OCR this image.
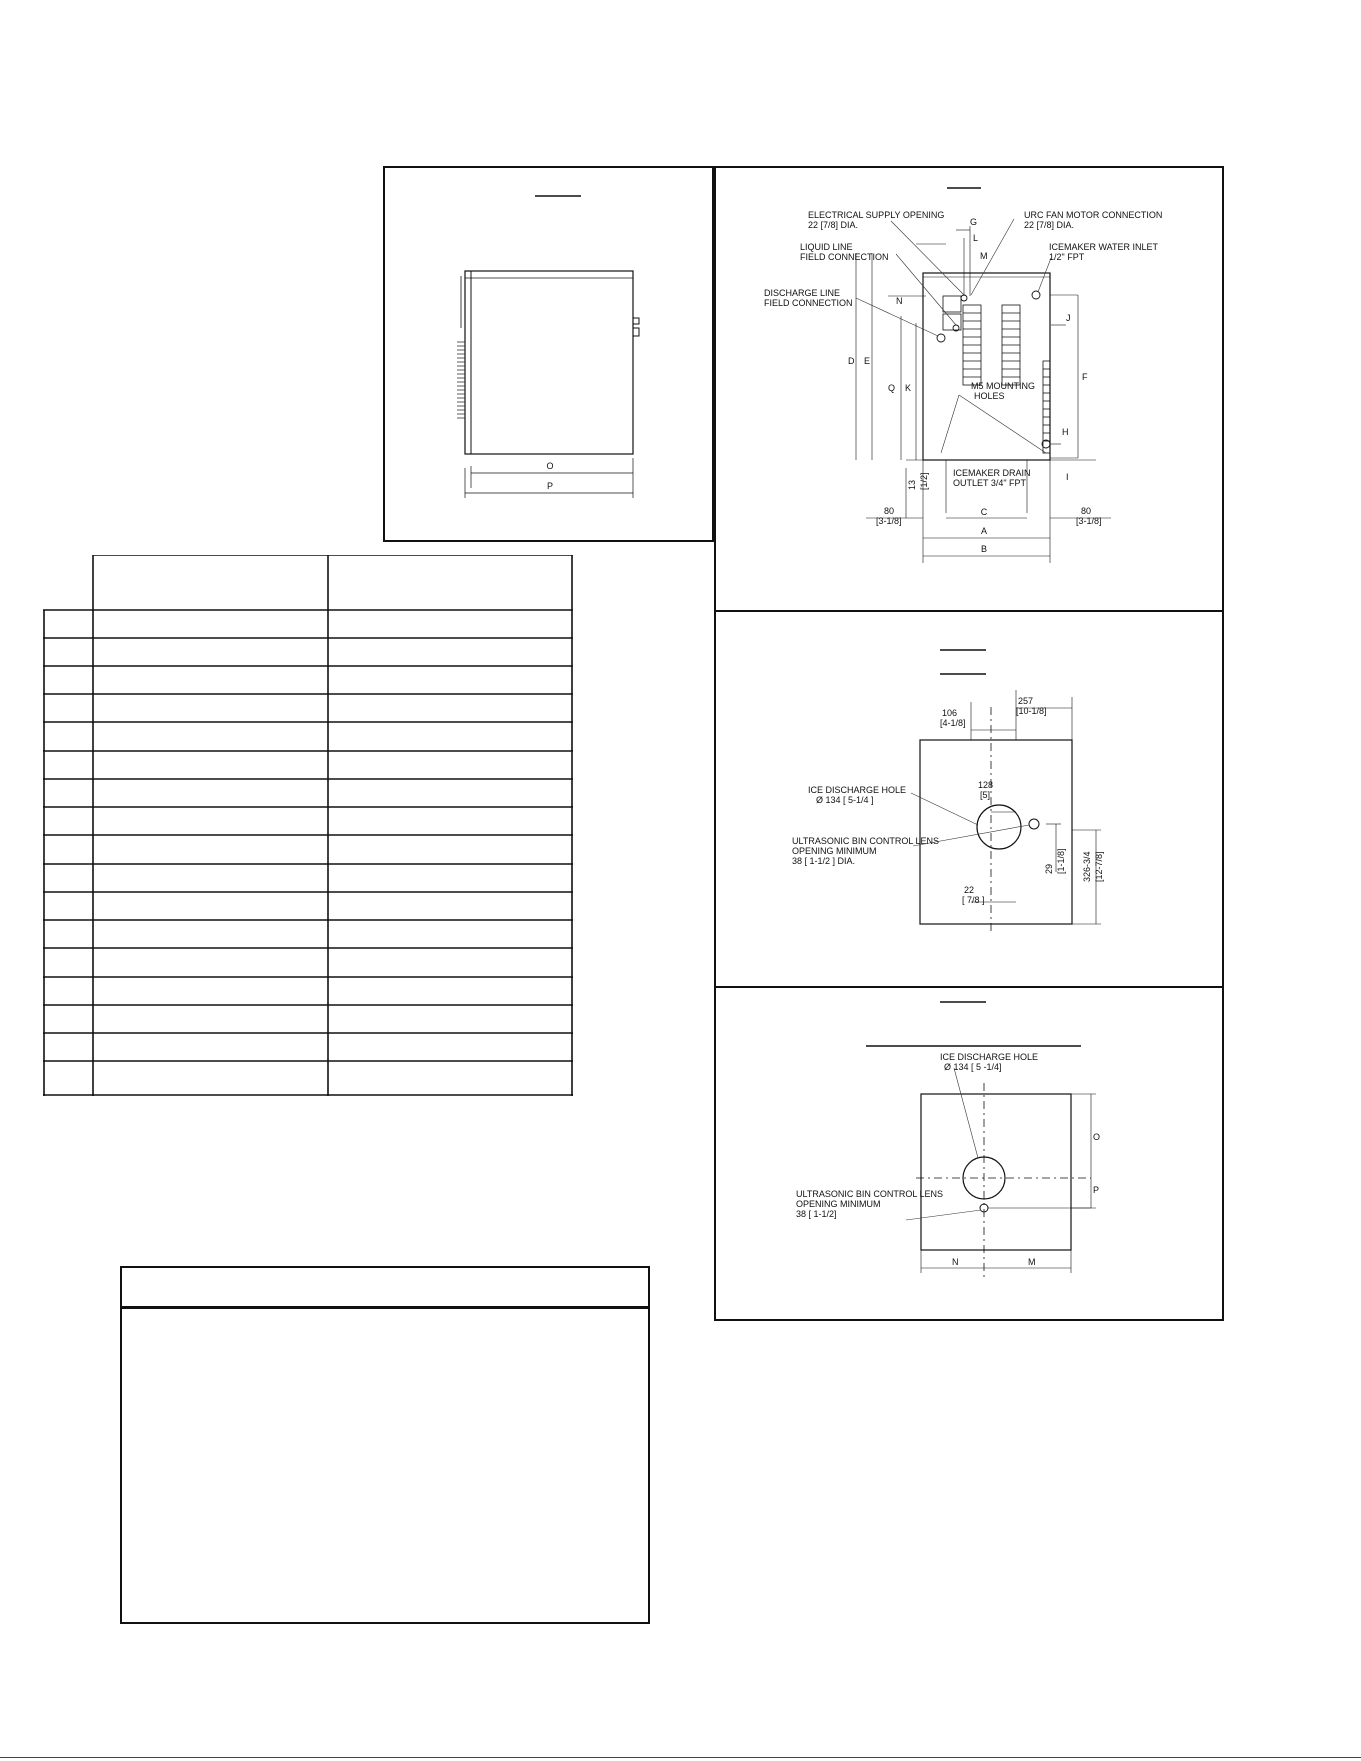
O
P
ELECTRICAL SUPPLY OPENING
22 [7/8] DIA.
LIQUID LINE
FIELD CONNECTION
DISCHARGE LINE
FIELD CONNECTION
URC FAN MOTOR CONNECTION
22 [7/8] DIA.
ICEMAKER WATER INLET
1/2" FPT
M5 MOUNTING
HOLES
ICEMAKER DRAIN
OUTLET 3/4" FPT
13 [1/2]
80
[3-1/8]
80
[3-1/8]
A
B
C
D E
F
G
H
I
J
K
L
M
N
Q
257
[10-1/8]
106
[4-1/8]
128
[5]
ICE DISCHARGE HOLE
Ø 134 [ 5-1/4 ]
ULTRASONIC BIN CONTROL LENS
OPENING MINIMUM
38 [ 1-1/2 ] DIA.
22
[ 7/8 ]
29 [1-1/8] 326-3/4 [12-7/8]
ICE DISCHARGE HOLE
Ø 134 [ 5 -1/4]
ULTRASONIC BIN CONTROL LENS
OPENING MINIMUM
38 [ 1-1/2]
O
P
N	M
